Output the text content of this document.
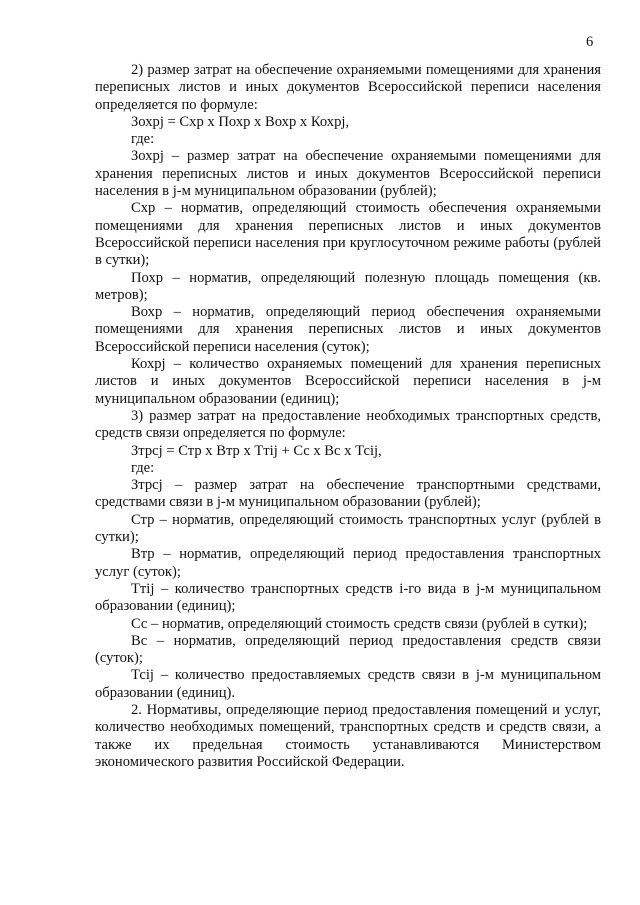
6

2) размер затрат на обеспечение охраняемыми помещениями для хранения переписных листов и иных документов Всероссийской переписи населения определяется по формуле:

Зохрj = Схр х Похр х Вохр х Кохрj,

где:

Зохрj – размер затрат на обеспечение охраняемыми помещениями для хранения переписных листов и иных документов Всероссийской переписи населения в j-м муниципальном образовании (рублей);

Схр – норматив, определяющий стоимость обеспечения охраняемыми помещениями для хранения переписных листов и иных документов Всероссийской переписи населения при круглосуточном режиме работы (рублей в сутки);

Похр – норматив, определяющий полезную площадь помещения (кв. метров);

Вохр – норматив, определяющий период обеспечения охраняемыми помещениями для хранения переписных листов и иных документов Всероссийской переписи населения (суток);

Кохрj – количество охраняемых помещений для хранения переписных листов и иных документов Всероссийской переписи населения в j-м муниципальном образовании (единиц);

3) размер затрат на предоставление необходимых транспортных средств, средств связи определяется по формуле:

Зтрсj = Стр х Втр х Ттij + Сс х Вс х Тсij,

где:

Зтрсj – размер затрат на обеспечение транспортными средствами, средствами связи в j-м муниципальном образовании (рублей);

Стр – норматив, определяющий стоимость транспортных услуг (рублей в сутки);

Втр – норматив, определяющий период предоставления транспортных услуг (суток);

Ттij – количество транспортных средств i-го вида в j-м муниципальном образовании (единиц);

Сс – норматив, определяющий стоимость средств связи (рублей в сутки);

Вс – норматив, определяющий период предоставления средств связи (суток);

Тсij – количество предоставляемых средств связи в j-м муниципальном образовании (единиц).

2. Нормативы, определяющие период предоставления помещений и услуг, количество необходимых помещений, транспортных средств и средств связи, а также их предельная стоимость устанавливаются Министерством экономического развития Российской Федерации.
